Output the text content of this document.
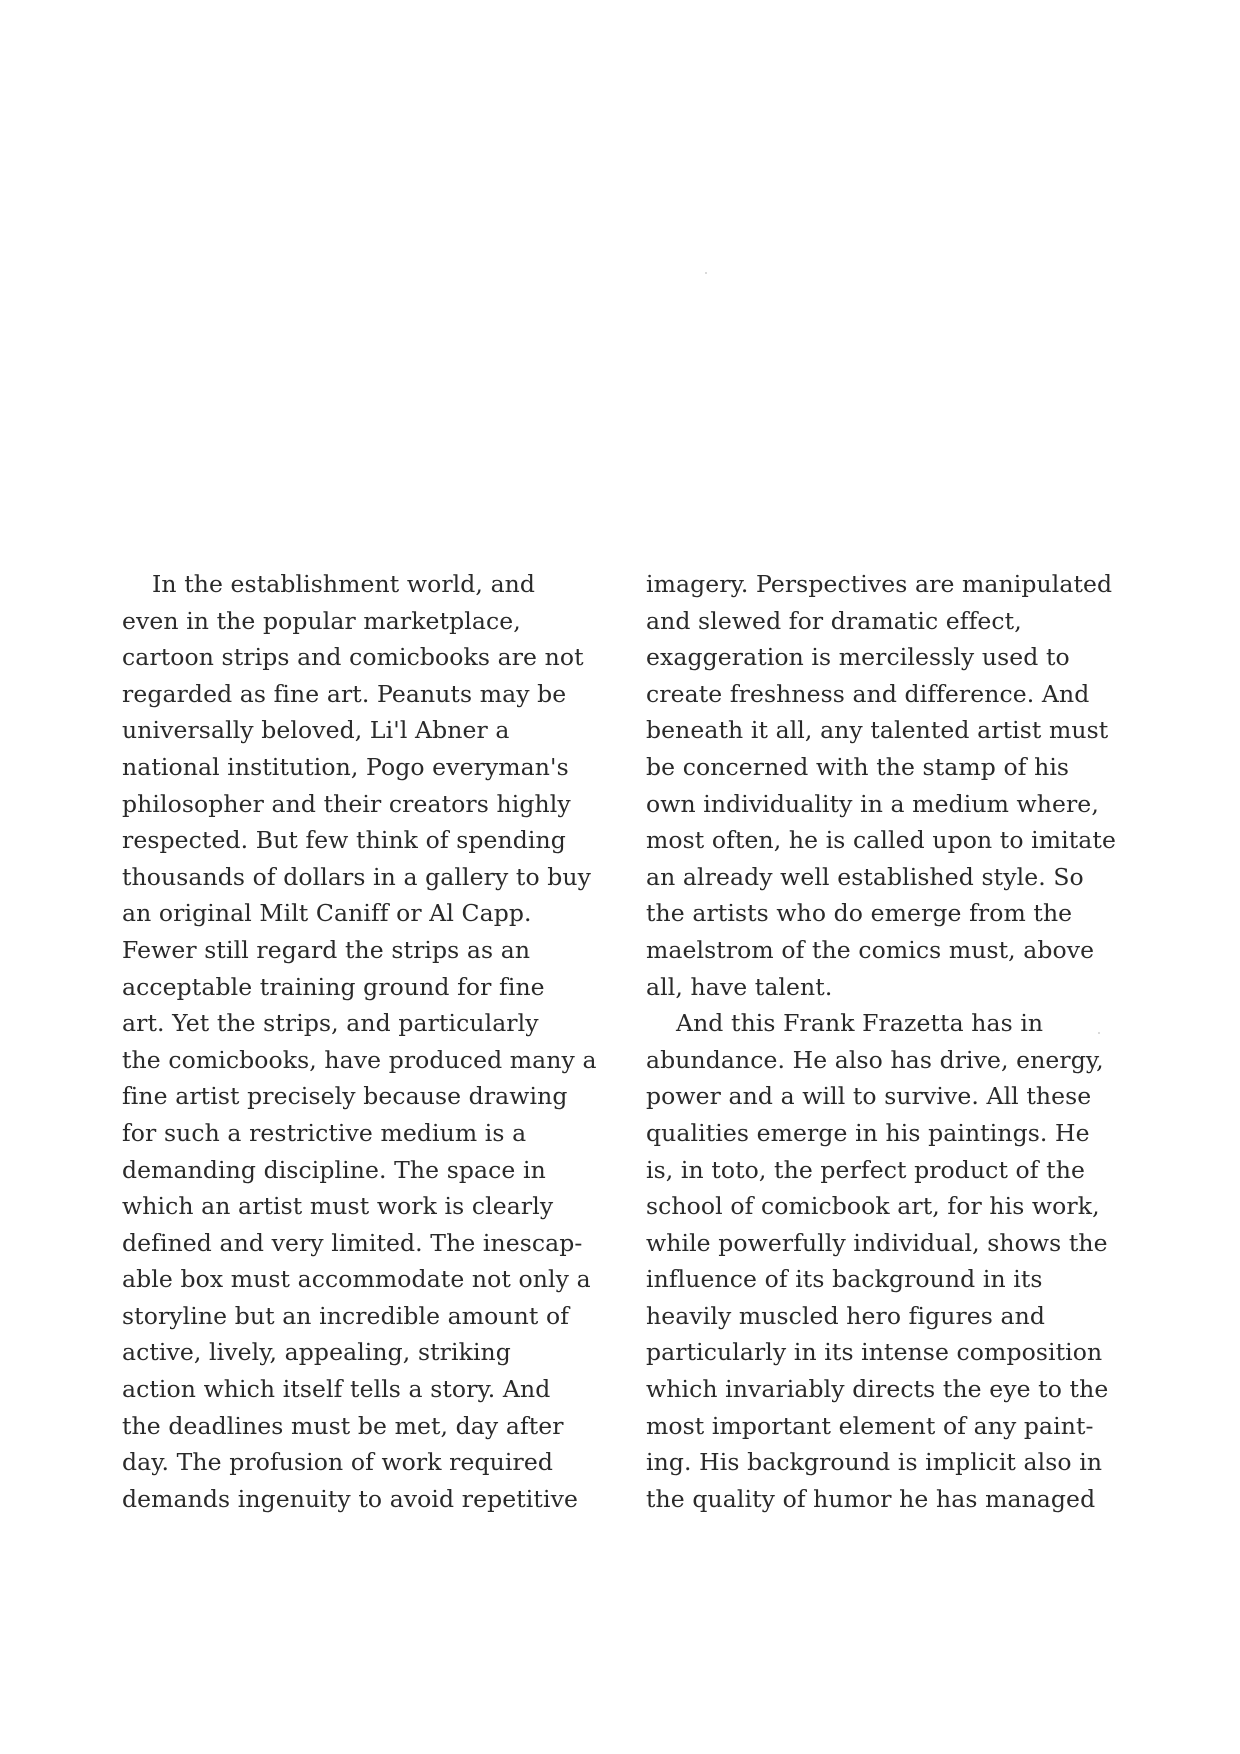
In the establishment world, and
even in the popular marketplace,
cartoon strips and comicbooks are not
regarded as fine art. Peanuts may be
universally beloved, Li'l Abner a
national institution, Pogo everyman's
philosopher and their creators highly
respected. But few think of spending
thousands of dollars in a gallery to buy
an original Milt Caniff or Al Capp.
Fewer still regard the strips as an
acceptable training ground for fine
art. Yet the strips, and particularly
the comicbooks, have produced many a
fine artist precisely because drawing
for such a restrictive medium is a
demanding discipline. The space in
which an artist must work is clearly
defined and very limited. The inescap-
able box must accommodate not only a
storyline but an incredible amount of
active, lively, appealing, striking
action which itself tells a story. And
the deadlines must be met, day after
day. The profusion of work required
demands ingenuity to avoid repetitive
imagery. Perspectives are manipulated
and slewed for dramatic effect,
exaggeration is mercilessly used to
create freshness and difference. And
beneath it all, any talented artist must
be concerned with the stamp of his
own individuality in a medium where,
most often, he is called upon to imitate
an already well established style. So
the artists who do emerge from the
maelstrom of the comics must, above
all, have talent.
And this Frank Frazetta has in
abundance. He also has drive, energy,
power and a will to survive. All these
qualities emerge in his paintings. He
is, in toto, the perfect product of the
school of comicbook art, for his work,
while powerfully individual, shows the
influence of its background in its
heavily muscled hero figures and
particularly in its intense composition
which invariably directs the eye to the
most important element of any paint-
ing. His background is implicit also in
the quality of humor he has managed
